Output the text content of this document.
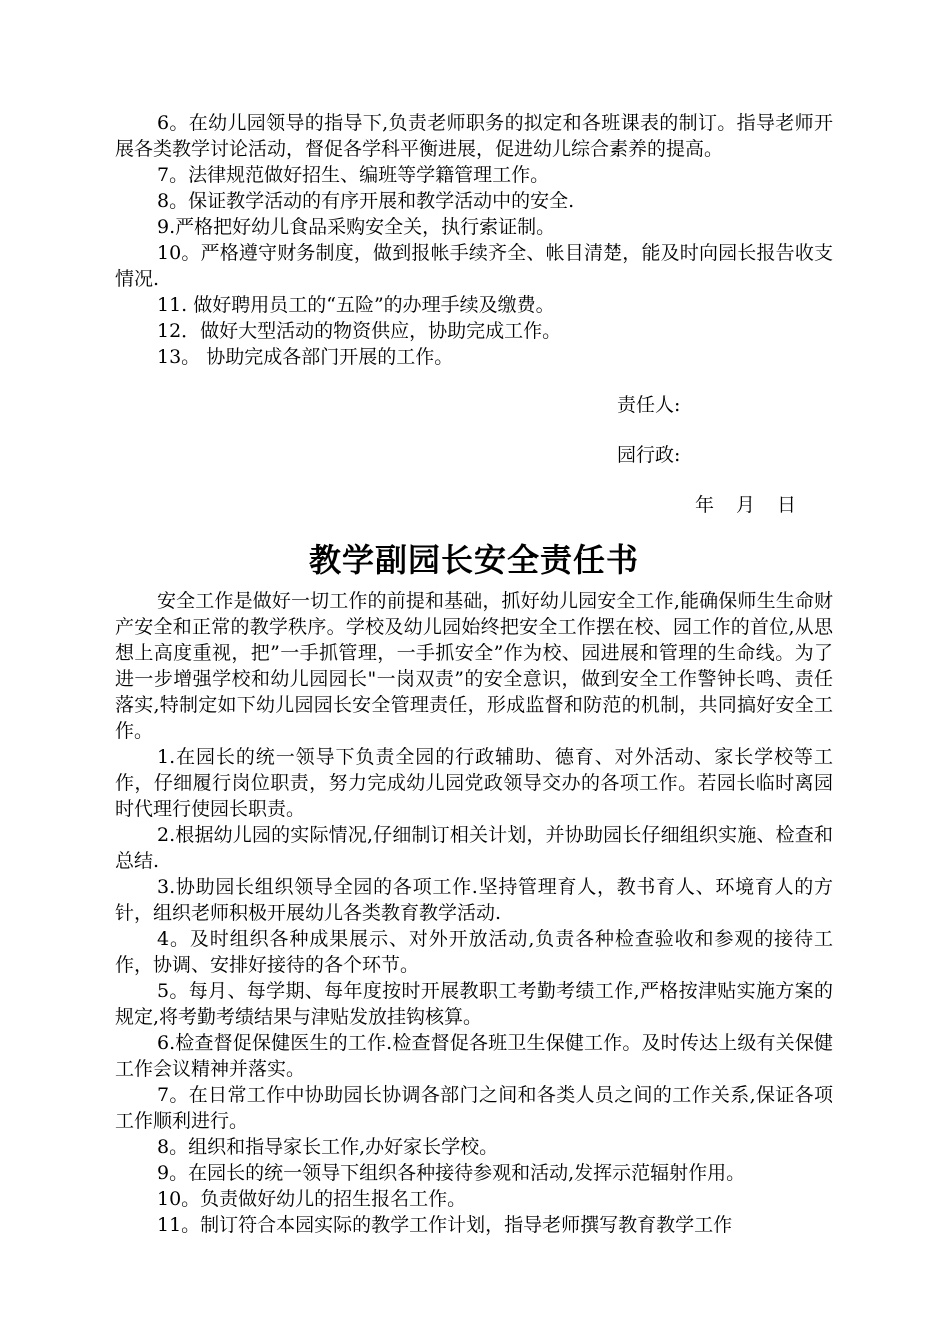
6。在幼儿园领导的指导下,负责老师职务的拟定和各班课表的制订。指导老师开展各类教学讨论活动，督促各学科平衡进展，促进幼儿综合素养的提高。

7。法律规范做好招生、编班等学籍管理工作。

8。保证教学活动的有序开展和教学活动中的安全.

9.严格把好幼儿食品采购安全关，执行索证制。

10。严格遵守财务制度，做到报帐手续齐全、帐目清楚，能及时向园长报告收支情况.

11. 做好聘用员工的“五险”的办理手续及缴费。

12．做好大型活动的物资供应，协助完成工作。

13。 协助完成各部门开展的工作。

责任人:

园行政:

年 月 日

教学副园长安全责任书

安全工作是做好一切工作的前提和基础，抓好幼儿园安全工作,能确保师生生命财产安全和正常的教学秩序。学校及幼儿园始终把安全工作摆在校、园工作的首位,从思想上高度重视，把”一手抓管理，一手抓安全”作为校、园进展和管理的生命线。为了进一步增强学校和幼儿园园长"一岗双责”的安全意识，做到安全工作警钟长鸣、责任落实,特制定如下幼儿园园长安全管理责任，形成监督和防范的机制，共同搞好安全工作。

1.在园长的统一领导下负责全园的行政辅助、德育、对外活动、家长学校等工作，仔细履行岗位职责，努力完成幼儿园党政领导交办的各项工作。若园长临时离园时代理行使园长职责。

2.根据幼儿园的实际情况,仔细制订相关计划，并协助园长仔细组织实施、检查和总结.

3.协助园长组织领导全园的各项工作.坚持管理育人，教书育人、环境育人的方针，组织老师积极开展幼儿各类教育教学活动.

4。及时组织各种成果展示、对外开放活动,负责各种检查验收和参观的接待工作，协调、安排好接待的各个环节。

5。每月、每学期、每年度按时开展教职工考勤考绩工作,严格按津贴实施方案的规定,将考勤考绩结果与津贴发放挂钩核算。

6.检查督促保健医生的工作.检查督促各班卫生保健工作。及时传达上级有关保健工作会议精神并落实。

7。在日常工作中协助园长协调各部门之间和各类人员之间的工作关系,保证各项工作顺利进行。

8。组织和指导家长工作,办好家长学校。

9。在园长的统一领导下组织各种接待参观和活动,发挥示范辐射作用。

10。负责做好幼儿的招生报名工作。

11。制订符合本园实际的教学工作计划，指导老师撰写教育教学工作
